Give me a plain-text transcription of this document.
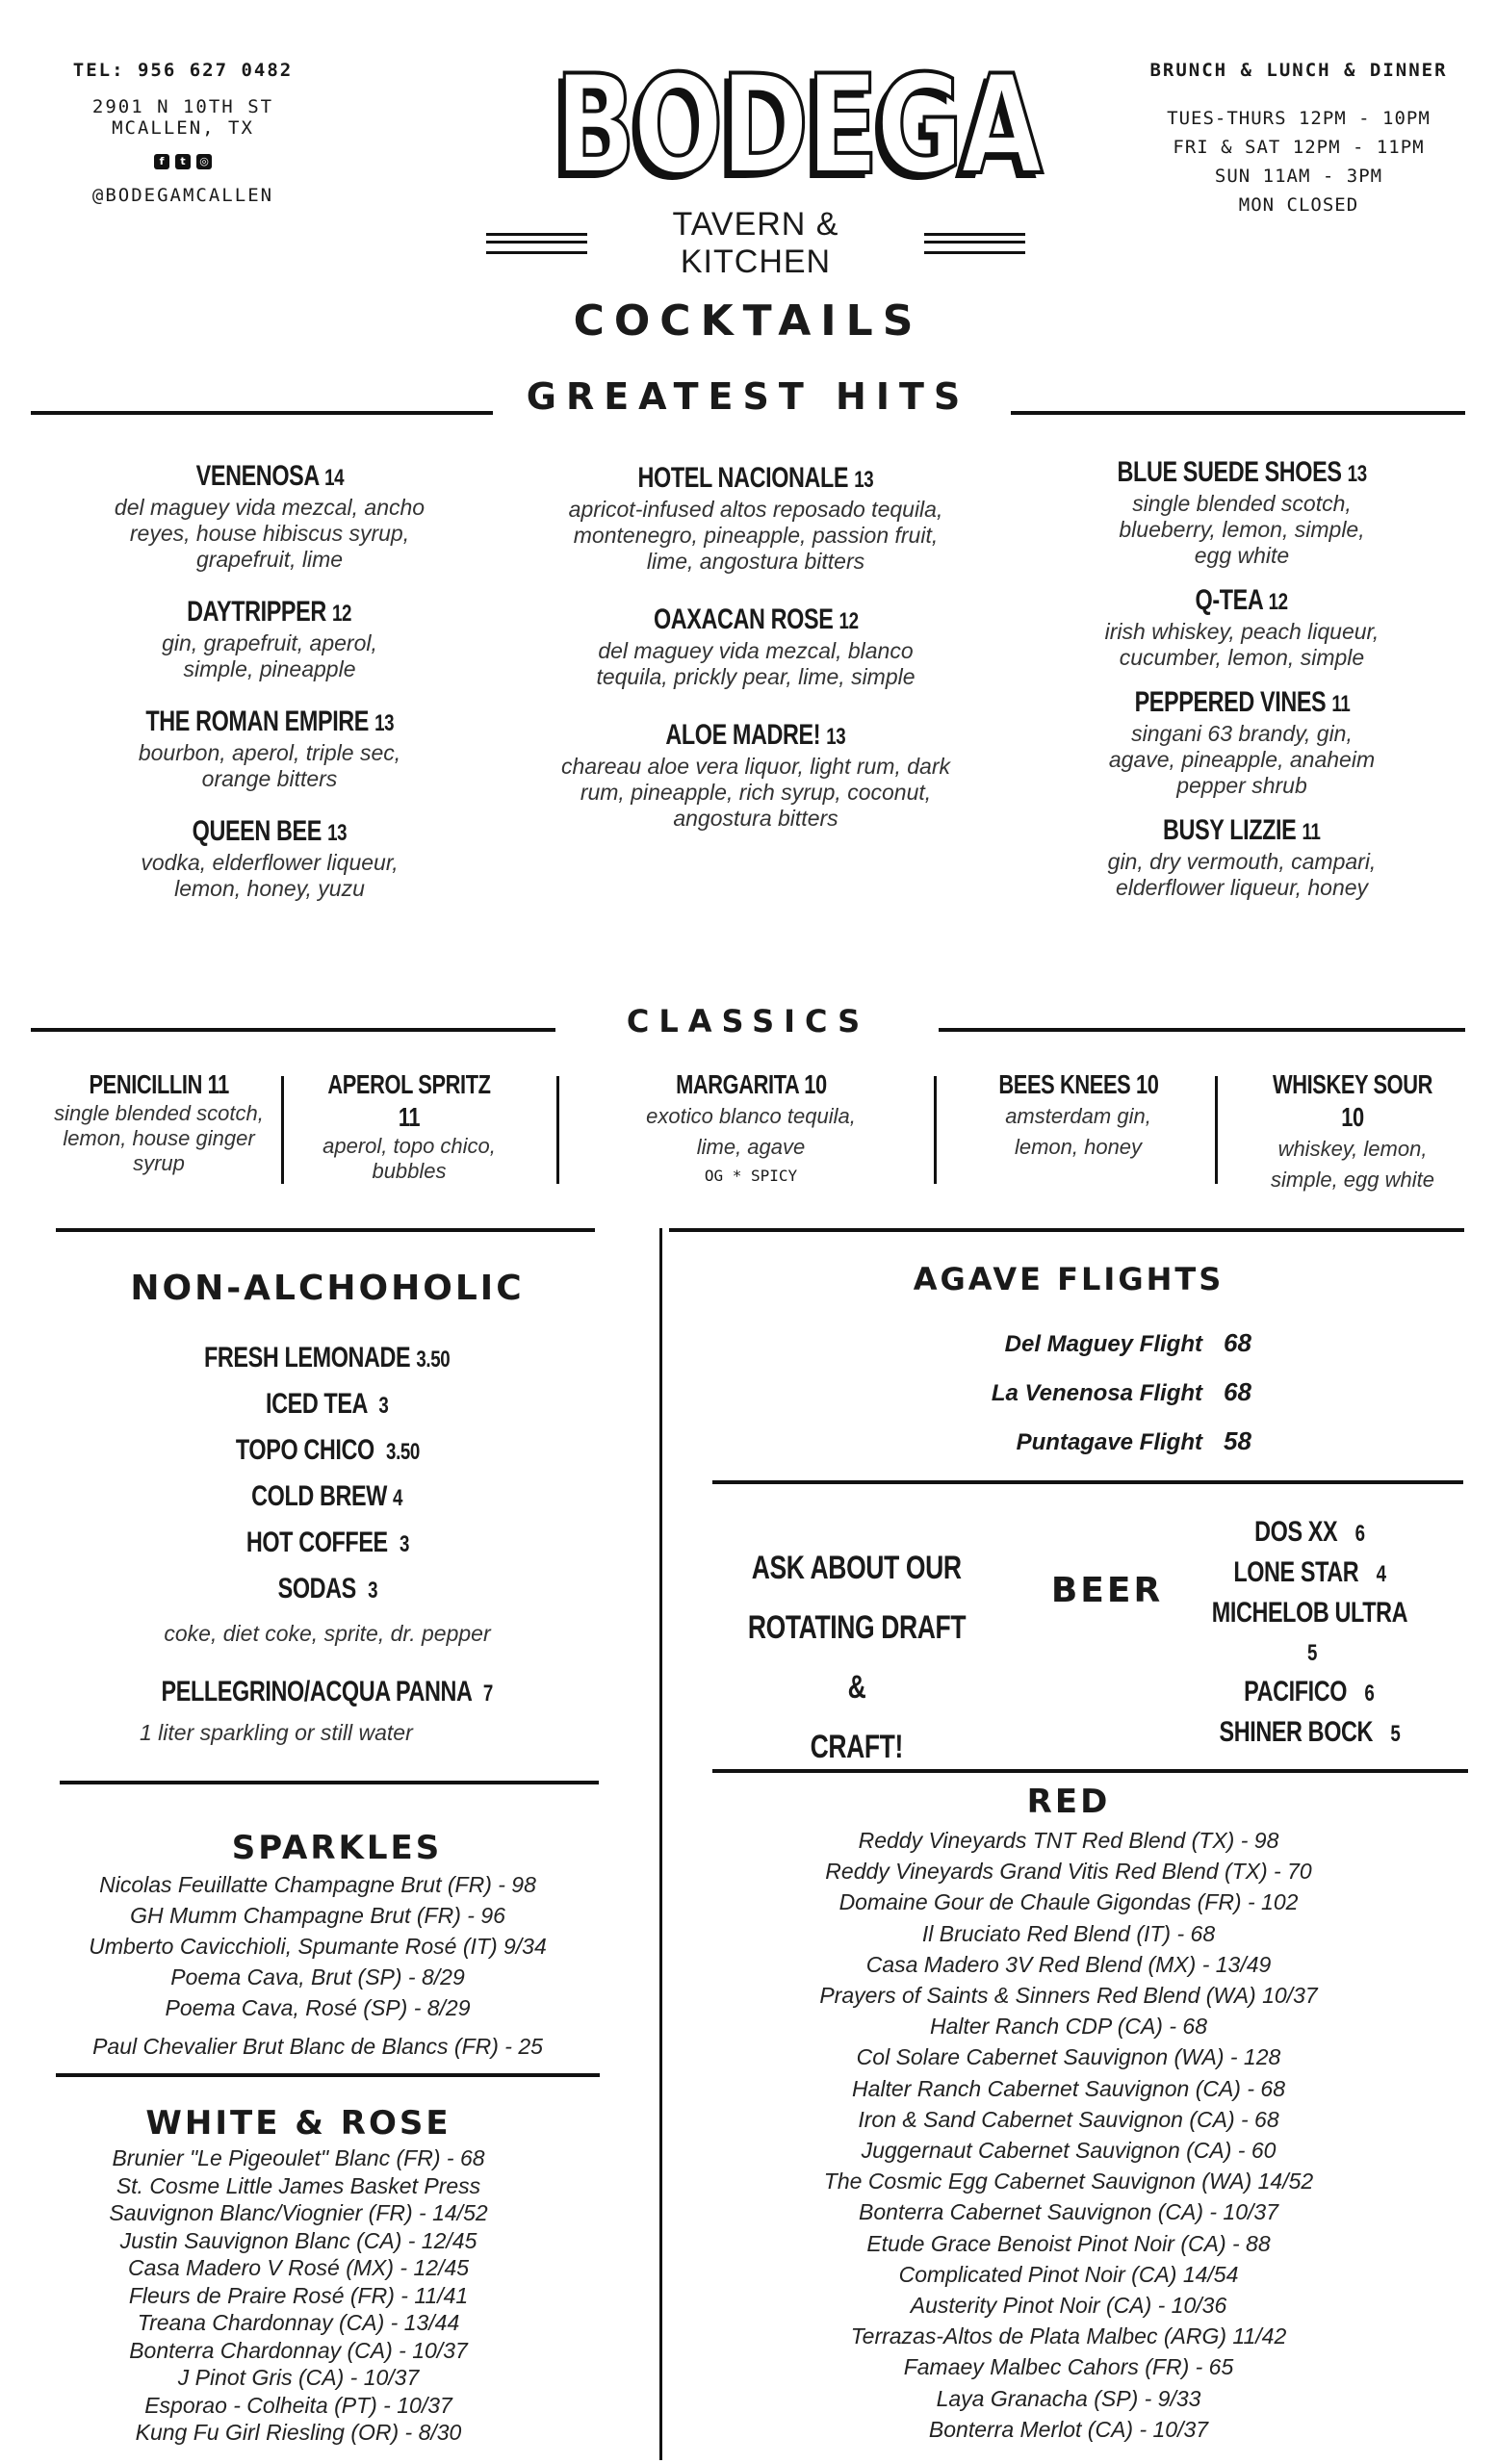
TEL: 956 627 0482
2901 N 10TH ST MCALLEN, TX
f	t	◎
@BODEGAMCALLEN	BODEGA
TAVERN & KITCHEN
BRUNCH & LUNCH & DINNER
TUES-THURS 12PM - 10PM
FRI & SAT 12PM - 11PM
SUN 11AM - 3PM
MON CLOSED
COCKTAILS
GREATEST HITS
VENENOSA 14
del maguey vida mezcal, ancho reyes, house hibiscus syrup, grapefruit, lime
DAYTRIPPER 12
gin, grapefruit, aperol, simple, pineapple
THE ROMAN EMPIRE 13
bourbon, aperol, triple sec, orange bitters
QUEEN BEE 13
vodka, elderflower liqueur, lemon, honey, yuzu
HOTEL NACIONALE 13
apricot-infused altos reposado tequila, montenegro, pineapple, passion fruit, lime, angostura bitters
OAXACAN ROSE 12
del maguey vida mezcal, blanco tequila, prickly pear, lime, simple
ALOE MADRE! 13
chareau aloe vera liquor, light rum, dark rum, pineapple, rich syrup, coconut, angostura bitters
BLUE SUEDE SHOES 13
single blended scotch, blueberry, lemon, simple, egg white
Q-TEA 12
irish whiskey, peach liqueur, cucumber, lemon, simple
PEPPERED VINES 11
singani 63 brandy, gin, agave, pineapple, anaheim pepper shrub
BUSY LIZZIE 11
gin, dry vermouth, campari, elderflower liqueur, honey
CLASSICS
PENICILLIN 11
single blended scotch, lemon, house ginger syrup
APEROL SPRITZ 11
aperol, topo chico, bubbles
MARGARITA 10
exotico blanco tequila, lime, agave
OG * SPICY
BEES KNEES 10
amsterdam gin, lemon, honey
WHISKEY SOUR 10
whiskey, lemon, simple, egg white
NON-ALCHOHOLIC
FRESH LEMONADE 3.50
ICED TEA 3
TOPO CHICO 3.50
COLD BREW 4
HOT COFFEE 3
SODAS 3
coke, diet coke, sprite, dr. pepper
PELLEGRINO/ACQUA PANNA 7
1 liter sparkling or still water
AGAVE FLIGHTS
Del Maguey Flight 68
La Venenosa Flight 68
Puntagave Flight 58
ASK ABOUT OUR
ROTATING DRAFT &
CRAFT!
BEER
DOS XX 6
LONE STAR 4
MICHELOB ULTRA  5
PACIFICO 6
SHINER BOCK 5
SPARKLES
Nicolas Feuillatte Champagne Brut (FR) - 98
GH Mumm Champagne Brut (FR) - 96
Umberto Cavicchioli, Spumante Rosé (IT) 9/34
Poema Cava, Brut (SP) - 8/29
Poema Cava, Rosé (SP) - 8/29
Paul Chevalier Brut Blanc de Blancs (FR) - 25
WHITE & ROSE
Brunier "Le Pigeoulet" Blanc (FR) - 68
St. Cosme Little James Basket Press
Sauvignon Blanc/Viognier (FR) - 14/52
Justin Sauvignon Blanc (CA) - 12/45
Casa Madero V Rosé (MX) - 12/45
Fleurs de Praire Rosé (FR) - 11/41
Treana Chardonnay (CA) - 13/44
Bonterra Chardonnay (CA) - 10/37
J Pinot Gris (CA) - 10/37
Esporao - Colheita (PT) - 10/37
Kung Fu Girl Riesling (OR) - 8/30
RED
Reddy Vineyards TNT Red Blend (TX) - 98
Reddy Vineyards Grand Vitis Red Blend (TX) - 70
Domaine Gour de Chaule Gigondas (FR) - 102
Il Bruciato Red Blend (IT) - 68
Casa Madero 3V Red Blend (MX) - 13/49
Prayers of Saints & Sinners Red Blend (WA) 10/37
Halter Ranch CDP (CA) - 68
Col Solare Cabernet Sauvignon (WA) - 128
Halter Ranch Cabernet Sauvignon (CA) - 68
Iron & Sand Cabernet Sauvignon (CA) - 68
Juggernaut Cabernet Sauvignon (CA) - 60
The Cosmic Egg Cabernet Sauvignon (WA) 14/52
Bonterra Cabernet Sauvignon (CA) - 10/37
Etude Grace Benoist Pinot Noir (CA) - 88
Complicated Pinot Noir (CA) 14/54
Austerity Pinot Noir (CA) - 10/36
Terrazas-Altos de Plata Malbec (ARG) 11/42
Famaey Malbec Cahors (FR) - 65
Laya Granacha (SP) - 9/33
Bonterra Merlot (CA) - 10/37
